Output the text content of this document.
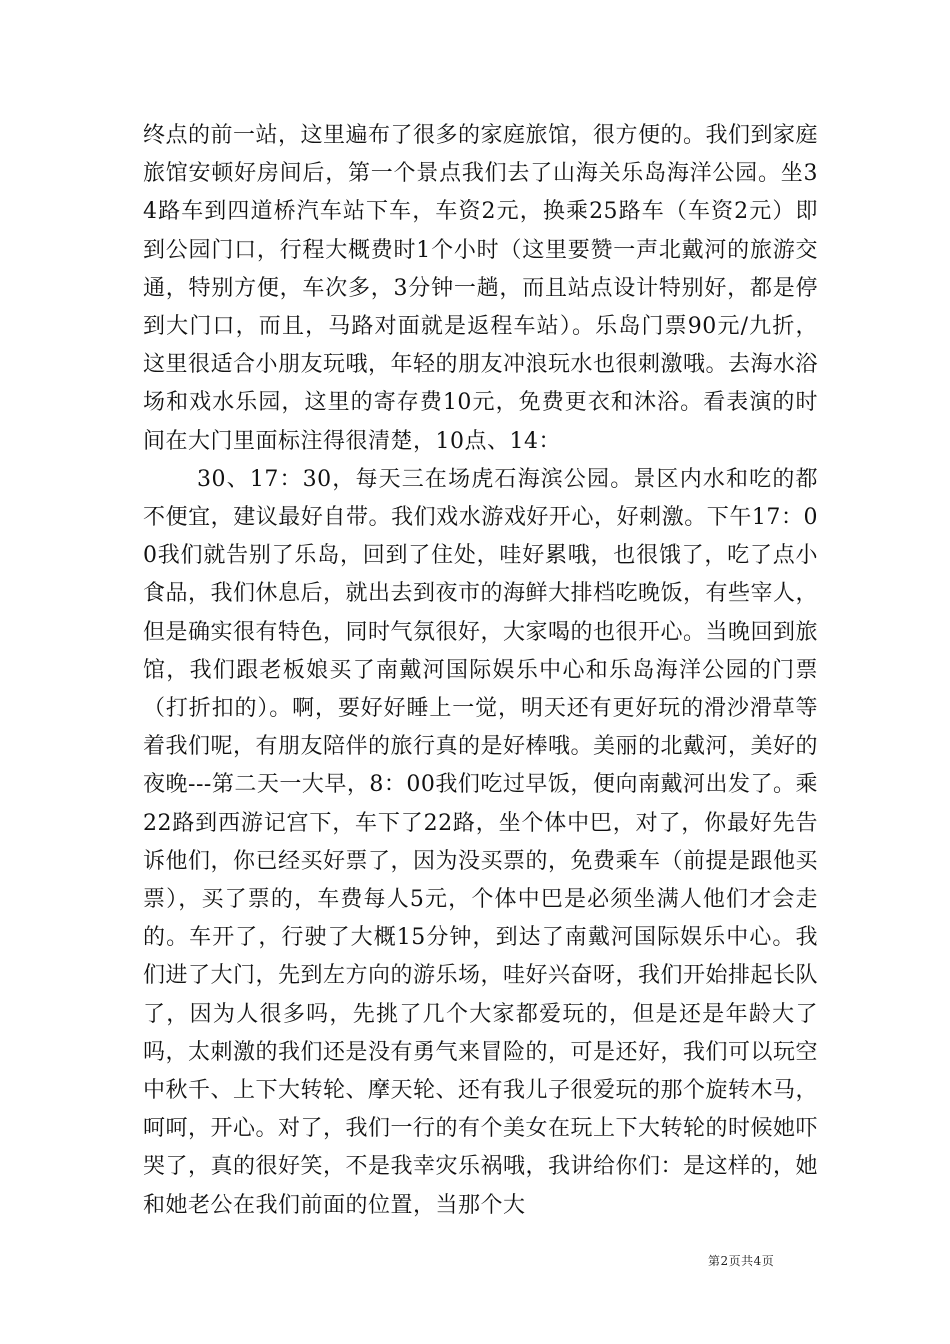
终点的前一站，这里遍布了很多的家庭旅馆，很方便的。我们到家庭旅馆安顿好房间后，第一个景点我们去了山海关乐岛海洋公园。坐34路车到四道桥汽车站下车，车资2元，换乘25路车（车资2元）即到公园门口，行程大概费时1个小时（这里要赞一声北戴河的旅游交通，特别方便，车次多，3分钟一趟，而且站点设计特别好，都是停到大门口，而且，马路对面就是返程车站）。乐岛门票90元/九折，这里很适合小朋友玩哦，年轻的朋友冲浪玩水也很刺激哦。去海水浴场和戏水乐园，这里的寄存费10元，免费更衣和沐浴。看表演的时间在大门里面标注得很清楚，10点、14：

30、17：30，每天三在场虎石海滨公园。景区内水和吃的都不便宜，建议最好自带。我们戏水游戏好开心，好刺激。下午17：00我们就告别了乐岛，回到了住处，哇好累哦，也很饿了，吃了点小食品，我们休息后，就出去到夜市的海鲜大排档吃晚饭，有些宰人，但是确实很有特色，同时气氛很好，大家喝的也很开心。当晚回到旅馆，我们跟老板娘买了南戴河国际娱乐中心和乐岛海洋公园的门票（打折扣的）。啊，要好好睡上一觉，明天还有更好玩的滑沙滑草等着我们呢，有朋友陪伴的旅行真的是好棒哦。美丽的北戴河，美好的夜晚---第二天一大早，8：00我们吃过早饭，便向南戴河出发了。乘22路到西游记宫下，车下了22路，坐个体中巴，对了，你最好先告诉他们，你已经买好票了，因为没买票的，免费乘车（前提是跟他买票），买了票的，车费每人5元，个体中巴是必须坐满人他们才会走的。车开了，行驶了大概15分钟，到达了南戴河国际娱乐中心。我们进了大门，先到左方向的游乐场，哇好兴奋呀，我们开始排起长队了，因为人很多吗，先挑了几个大家都爱玩的，但是还是年龄大了吗，太刺激的我们还是没有勇气来冒险的，可是还好，我们可以玩空中秋千、上下大转轮、摩天轮、还有我儿子很爱玩的那个旋转木马，呵呵，开心。对了，我们一行的有个美女在玩上下大转轮的时候她吓哭了，真的很好笑，不是我幸灾乐祸哦，我讲给你们：是这样的，她和她老公在我们前面的位置，当那个大

第2页共4页
